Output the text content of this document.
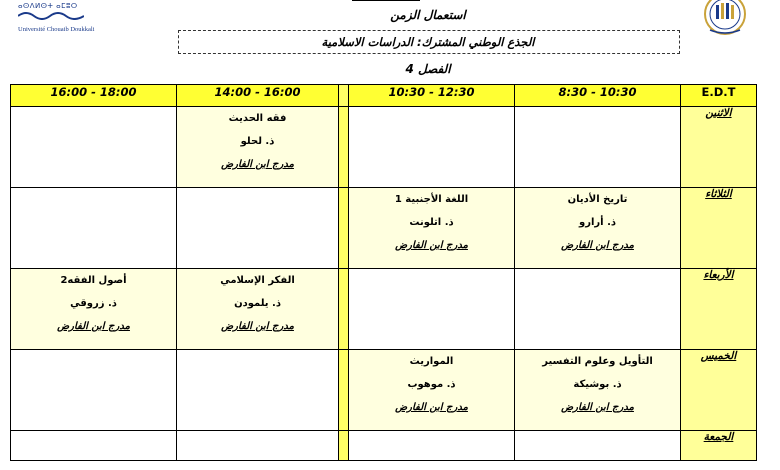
ⴰⵙⴷⵍⵙⵜ ⴰⵎⵓⵔ
Université Chouaib Doukkali
استعمال الزمن
الجذع الوطني المشترك: الدراسات الاسلامية
الفصل 4
E.D.T	10:30 - 8:30	12:30 - 10:30		16:00 - 14:00	18:00 - 16:00
الاثنين				فقه الحديث
ذ. لحلو
مدرج ابن الفارض	

الثلاثاء	تاريخ الأديان
ذ. أرارو
مدرج ابن الفارض	اللغة الأجنبية 1
ذ. اتلونت
مدرج ابن الفارض			

الأربعاء				الفكر الإسلامي
ذ. يلمودن
مدرج ابن الفارض	أصول الفقه2
ذ. زروقي
مدرج ابن الفارض

الخميس	التأويل وعلوم التفسير
ذ. بوشيكة
مدرج ابن الفارض	المواريث
ذ. موهوب
مدرج ابن الفارض			

الجمعة					
